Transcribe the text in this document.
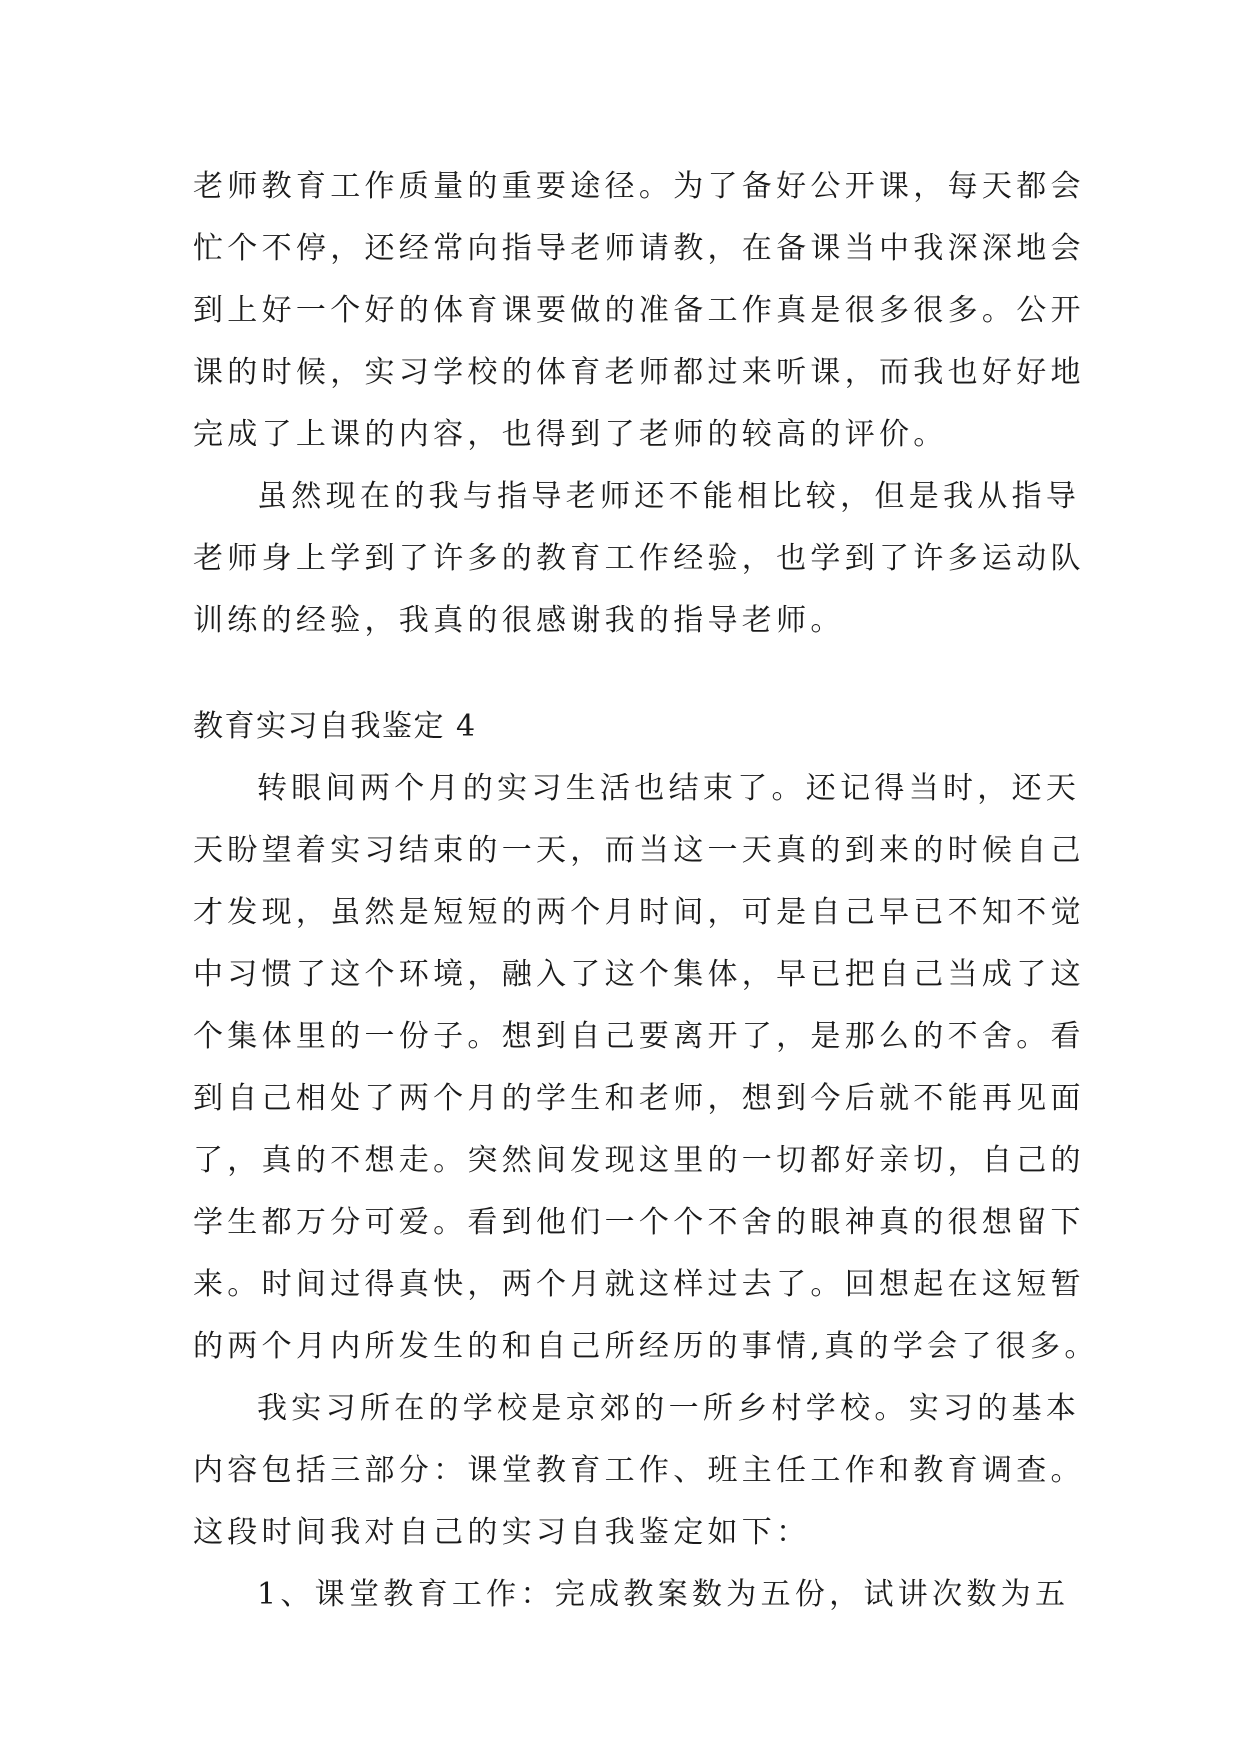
老师教育工作质量的重要途径。为了备好公开课，每天都会
忙个不停，还经常向指导老师请教，在备课当中我深深地会
到上好一个好的体育课要做的准备工作真是很多很多。公开
课的时候，实习学校的体育老师都过来听课，而我也好好地
完成了上课的内容，也得到了老师的较高的评价。
虽然现在的我与指导老师还不能相比较，但是我从指导
老师身上学到了许多的教育工作经验，也学到了许多运动队
训练的经验，我真的很感谢我的指导老师。
教育实习自我鉴定 4
转眼间两个月的实习生活也结束了。还记得当时，还天
天盼望着实习结束的一天，而当这一天真的到来的时候自己
才发现，虽然是短短的两个月时间，可是自己早已不知不觉
中习惯了这个环境，融入了这个集体，早已把自己当成了这
个集体里的一份子。想到自己要离开了，是那么的不舍。看
到自己相处了两个月的学生和老师，想到今后就不能再见面
了，真的不想走。突然间发现这里的一切都好亲切，自己的
学生都万分可爱。看到他们一个个不舍的眼神真的很想留下
来。时间过得真快，两个月就这样过去了。回想起在这短暂
的两个月内所发生的和自己所经历的事情,真的学会了很多。
我实习所在的学校是京郊的一所乡村学校。实习的基本
内容包括三部分：课堂教育工作、班主任工作和教育调查。
这段时间我对自己的实习自我鉴定如下：
1、课堂教育工作：完成教案数为五份，试讲次数为五
